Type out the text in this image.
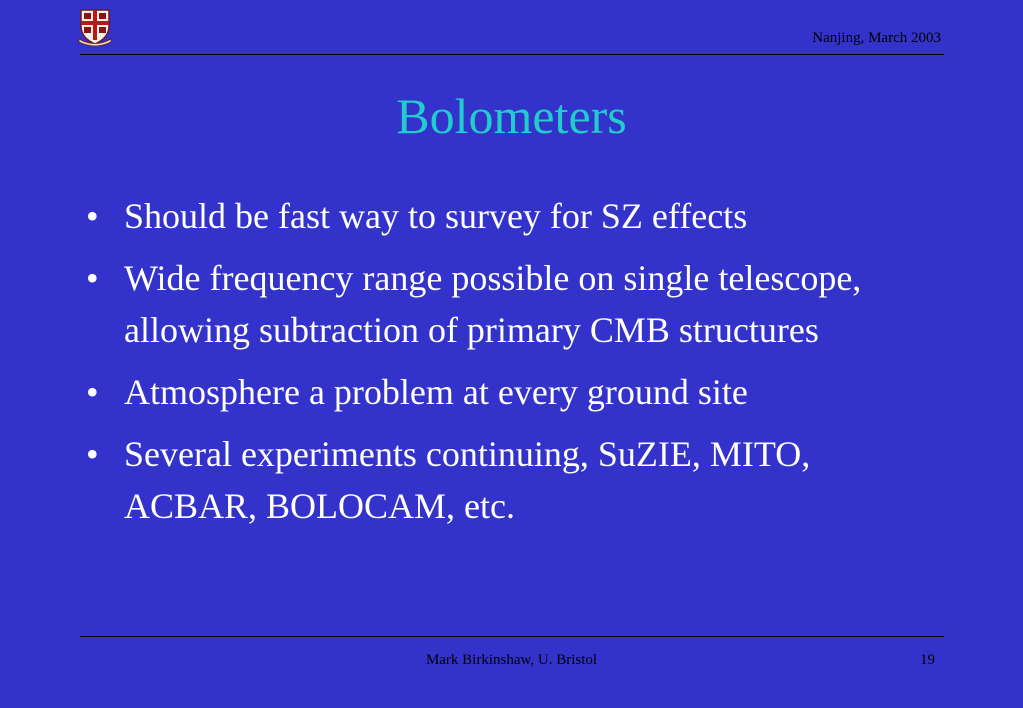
Nanjing, March 2003
Bolometers
• Should be fast way to survey for SZ effects
• Wide frequency range possible on single telescope, allowing subtraction of primary CMB structures
• Atmosphere a problem at every ground site
• Several experiments continuing, SuZIE, MITO, ACBAR, BOLOCAM, etc.
Mark Birkinshaw, U. Bristol	19
